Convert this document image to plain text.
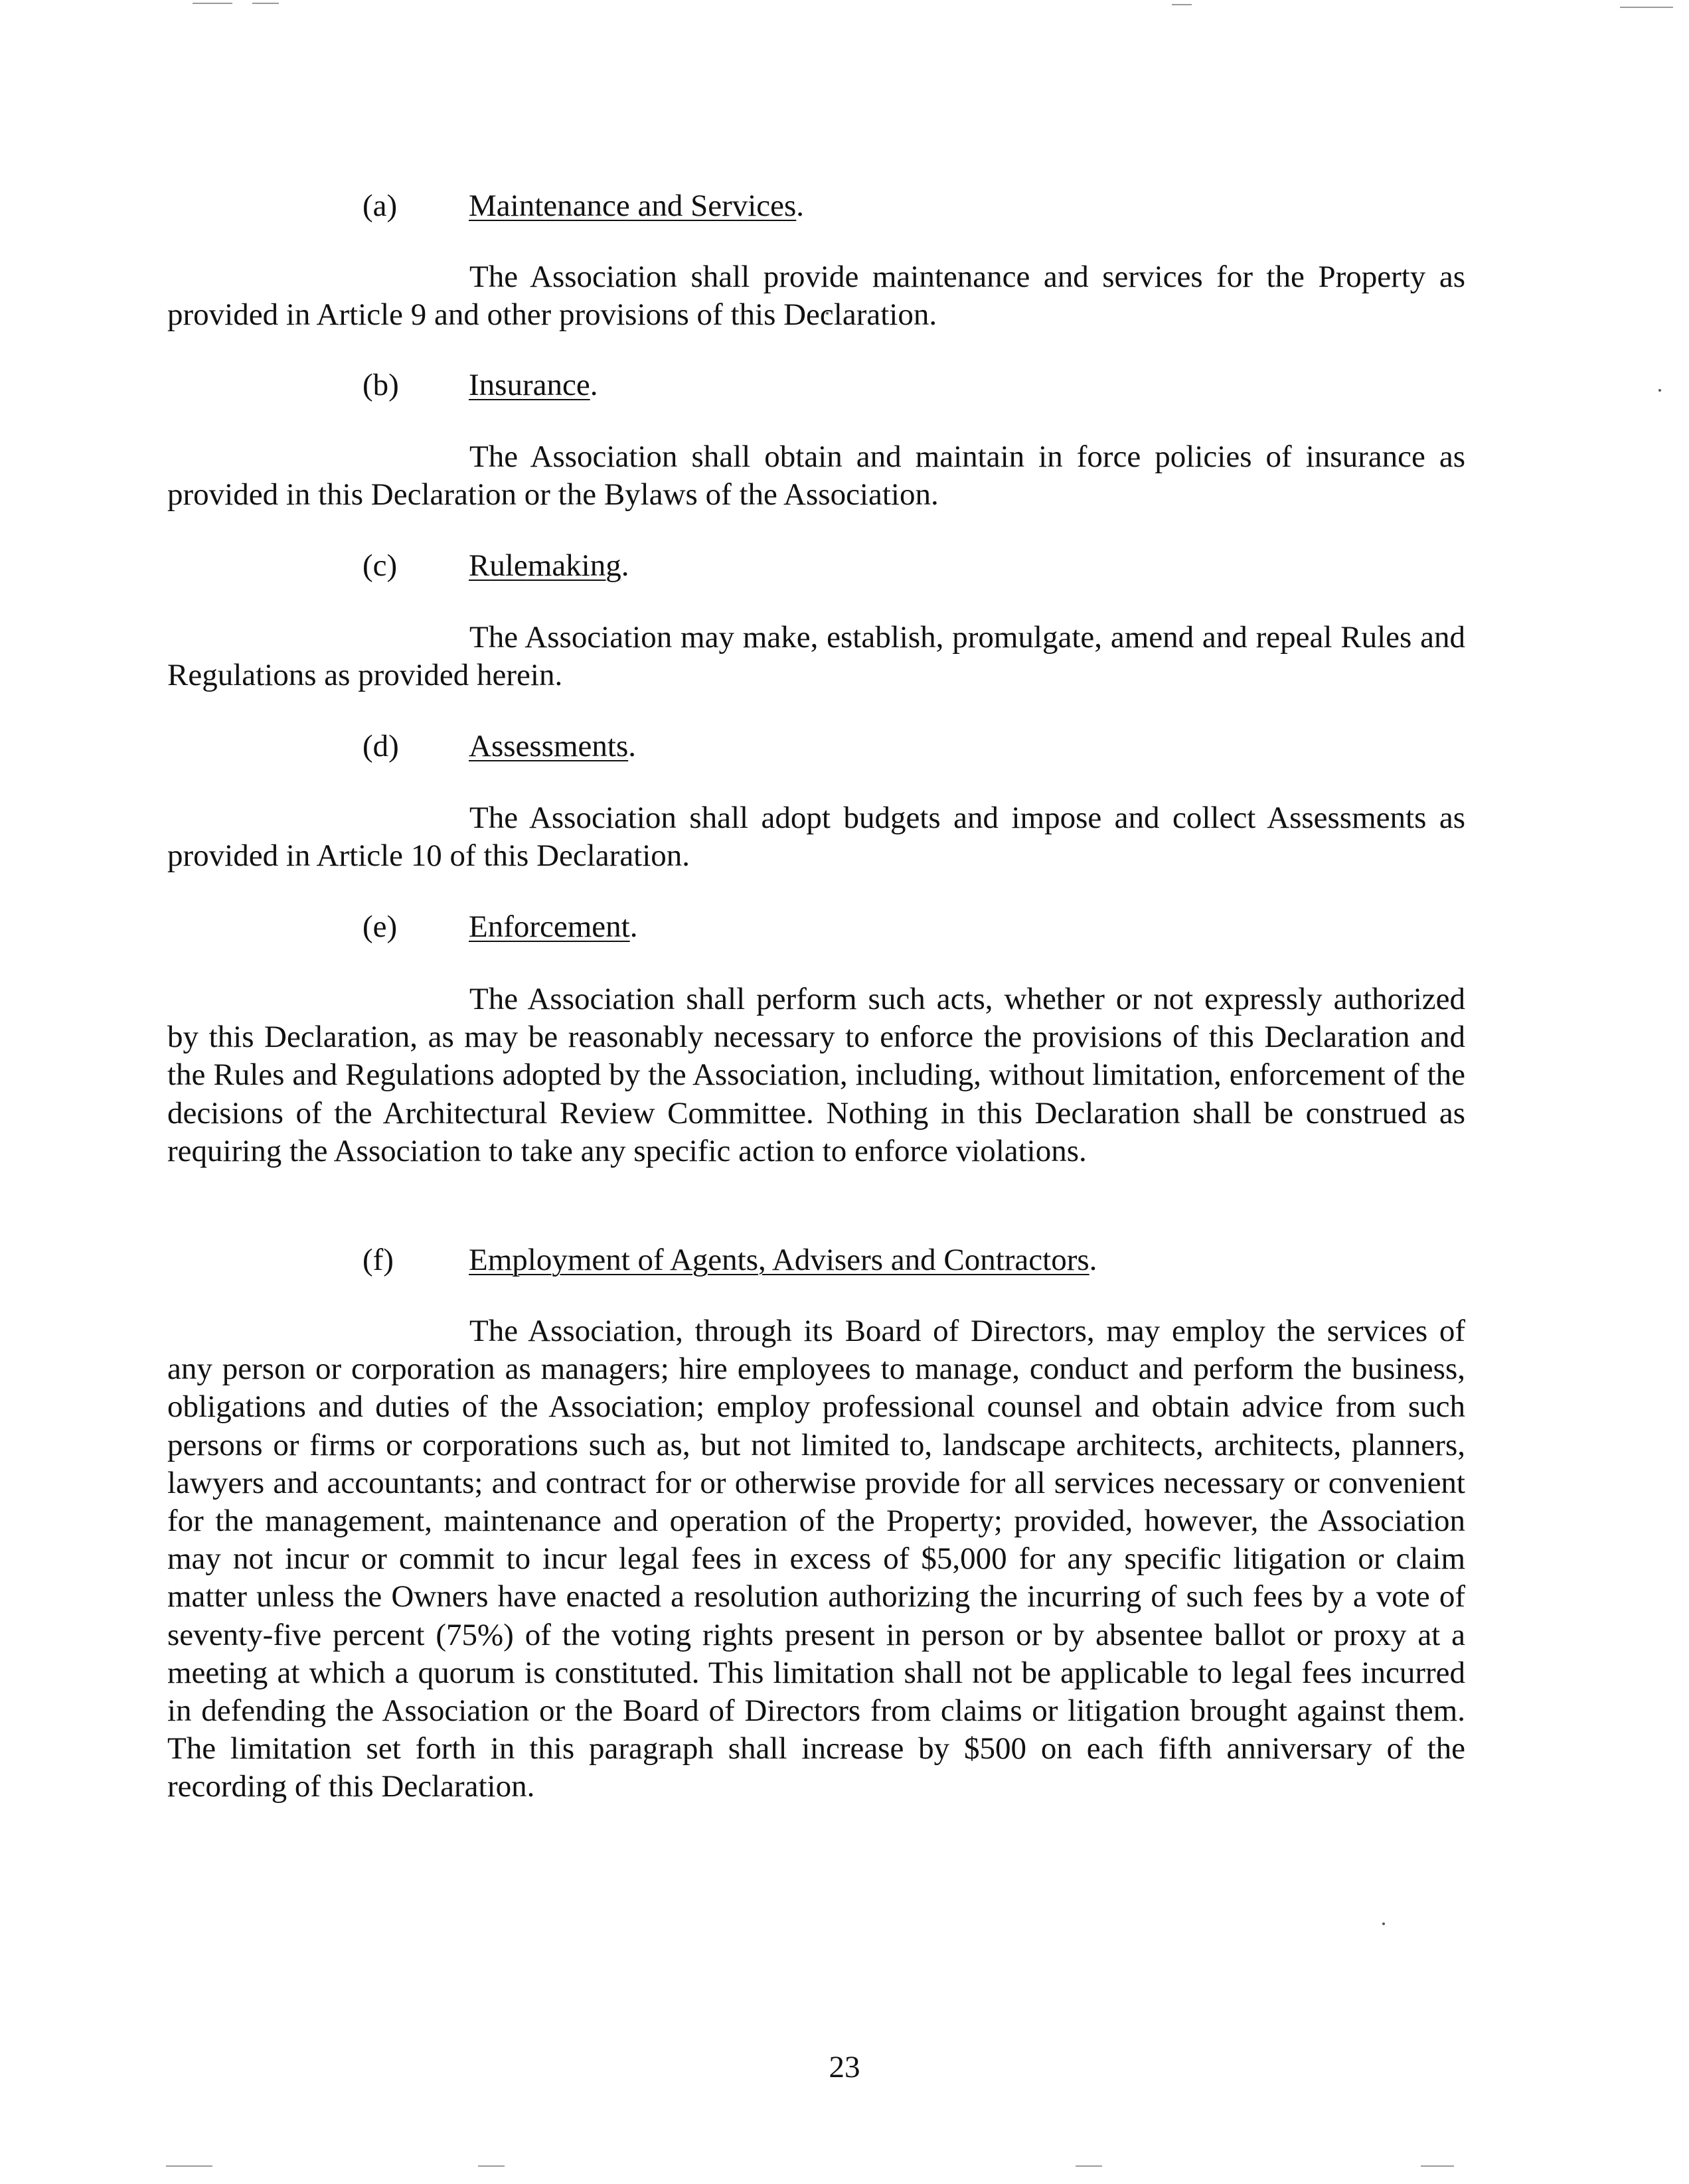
(a) Maintenance and Services.

The Association shall provide maintenance and services for the Property as provided in Article 9 and other provisions of this Declaration.

(b) Insurance.

The Association shall obtain and maintain in force policies of insurance as provided in this Declaration or the Bylaws of the Association.

(c) Rulemaking.

The Association may make, establish, promulgate, amend and repeal Rules and Regulations as provided herein.

(d) Assessments.

The Association shall adopt budgets and impose and collect Assessments as provided in Article 10 of this Declaration.

(e) Enforcement.

The Association shall perform such acts, whether or not expressly authorized by this Declaration, as may be reasonably necessary to enforce the provisions of this Declaration and the Rules and Regulations adopted by the Association, including, without limitation, enforcement of the decisions of the Architectural Review Committee. Nothing in this Declaration shall be construed as requiring the Association to take any specific action to enforce violations.

(f) Employment of Agents, Advisers and Contractors.

The Association, through its Board of Directors, may employ the services of any person or corporation as managers; hire employees to manage, conduct and perform the business, obligations and duties of the Association; employ professional counsel and obtain advice from such persons or firms or corporations such as, but not limited to, landscape architects, architects, planners, lawyers and accountants; and contract for or otherwise provide for all services necessary or convenient for the management, maintenance and operation of the Property; provided, however, the Association may not incur or commit to incur legal fees in excess of $5,000 for any specific litigation or claim matter unless the Owners have enacted a resolution authorizing the incurring of such fees by a vote of seventy-five percent (75%) of the voting rights present in person or by absentee ballot or proxy at a meeting at which a quorum is constituted. This limitation shall not be applicable to legal fees incurred in defending the Association or the Board of Directors from claims or litigation brought against them. The limitation set forth in this paragraph shall increase by $500 on each fifth anniversary of the recording of this Declaration.

23
